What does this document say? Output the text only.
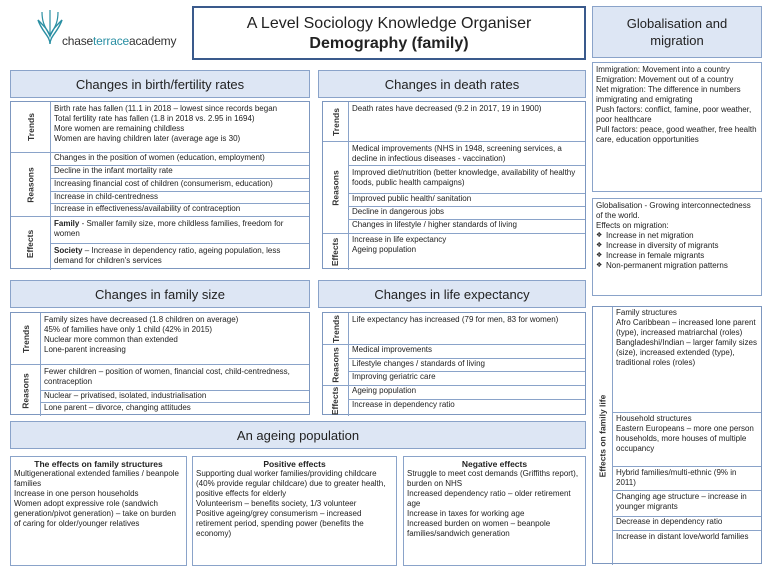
chaseterraceacademy
A Level Sociology Knowledge Organiser
Demography (family)
Globalisation and migration
Changes in birth/fertility rates
Trends
Reasons
Effects
Birth rate has fallen (11.1 in 2018 – lowest since records began
Total fertility rate has fallen (1.8 in 2018 vs. 2.95 in 1694)
More women are remaining childless
Women are having children later (average age is 30)
Changes in the position of women (education, employment)
Decline in the infant mortality rate
Increasing financial cost of children (consumerism, education)
Increase in child-centredness
Increase in effectiveness/availability of contraception
Family - Smaller family size, more childless families, freedom for women
Society – Increase in dependency ratio, ageing population, less demand for children's services
Changes in death rates
Trends
Reasons
Effects
Death rates have decreased (9.2 in 2017, 19 in 1900)
Medical improvements (NHS in 1948, screening services, a decline in infectious diseases - vaccination)
Improved diet/nutrition (better knowledge, availability of healthy foods, public health campaigns)
Improved public health/ sanitation
Decline in dangerous jobs
Changes in lifestyle / higher standards of living
Increase in life expectancy
Ageing population
Changes in family size
Trends
Reasons
Family sizes have decreased (1.8 children on average)
45% of families have only 1 child (42% in 2015)
Nuclear more common than extended
Lone-parent increasing
Fewer children – position of women, financial cost, child-centredness, contraception
Nuclear – privatised, isolated, industrialisation
Lone parent – divorce, changing attitudes
Changes in life expectancy
Trends
Reasons
Effects
Life expectancy has increased (79 for men, 83 for women)
Medical improvements
Lifestyle changes / standards of living
Improving geriatric care
Ageing population
Increase in dependency ratio
An ageing population
The effects on family structures
Multigenerational extended families / beanpole families
Increase in one person households
Women adopt expressive role (sandwich generation/pivot generation) – take on burden of caring for older/younger relatives
Positive effects
Supporting dual worker families/providing childcare (40% provide regular childcare) due to greater health, positive effects for elderly
Volunteerism – benefits society, 1/3 volunteer
Positive ageing/grey consumerism – increased retirement period, spending power (benefits the economy)
Negative effects
Struggle to meet cost demands (Griffiths report), burden on NHS
Increased dependency ratio – older retirement age
Increase in taxes for working age
Increased burden on women – beanpole families/sandwich generation
Immigration: Movement into a country
Emigration: Movement out of a country
Net migration: The difference in numbers immigrating and emigrating
Push factors: conflict, famine, poor weather, poor healthcare
Pull factors: peace, good weather, free health care, education opportunities
Globalisation - Growing interconnectedness of the world.
Effects on migration:
❖ Increase in net migration
❖ Increase in diversity of migrants
❖ Increase in female migrants
❖ Non-permanent migration patterns
Effects on family life
Family structures
Afro Caribbean – increased lone parent (type), increased matriarchal (roles)
Bangladeshi/Indian – larger family sizes (size), increased extended (type), traditional roles (roles)
Household structures
Eastern Europeans – more one person households, more houses of multiple occupancy
Hybrid families/multi-ethnic (9% in 2011)
Changing age structure – increase in younger migrants
Decrease in dependency ratio
Increase in distant love/world families
